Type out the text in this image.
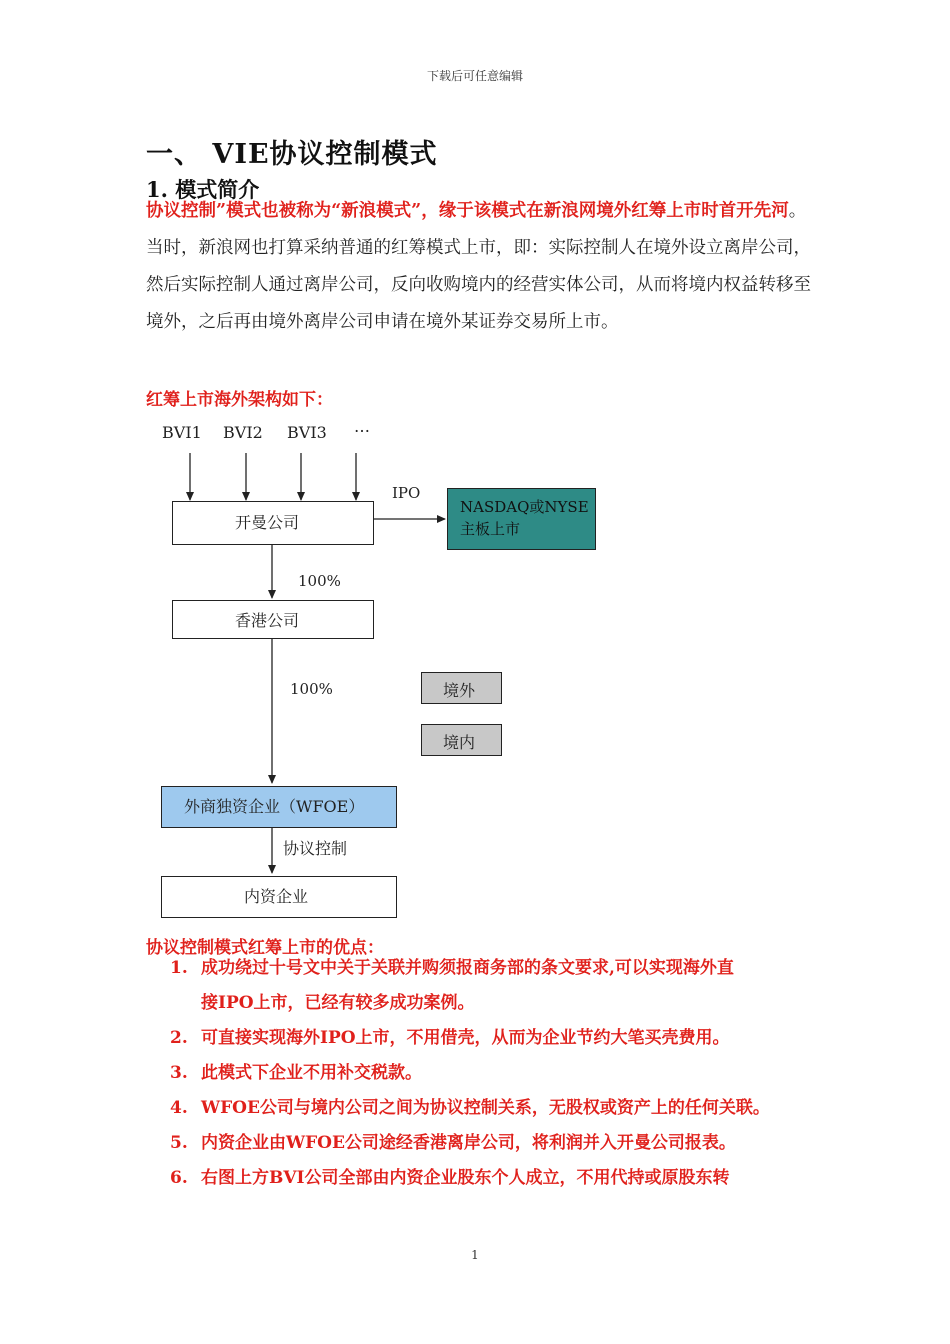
下载后可任意编辑
一、 VIE协议控制模式
1. 模式简介
协议控制”模式也被称为“新浪模式”，缘于该模式在新浪网境外红筹上市时首开先河。当时，新浪网也打算采纳普通的红筹模式上市，即：实际控制人在境外设立离岸公司，然后实际控制人通过离岸公司，反向收购境内的经营实体公司，从而将境内权益转移至境外，之后再由境外离岸公司申请在境外某证券交易所上市。
红筹上市海外架构如下：
BVI1 BVI2 BVI3 …
IPO
开曼公司
NASDAQ或NYSE
主板上市
100%
香港公司
100%	境外
境内
外商独资企业（WFOE）
协议控制
内资企业
协议控制模式红筹上市的优点：
1. 成功绕过十号文中关于关联并购须报商务部的条文要求,可以实现海外直
接IPO上市，已经有较多成功案例。
2. 可直接实现海外IPO上市，不用借壳，从而为企业节约大笔买壳费用。
3. 此模式下企业不用补交税款。
4. WFOE公司与境内公司之间为协议控制关系，无股权或资产上的任何关联。
5. 内资企业由WFOE公司途经香港离岸公司，将利润并入开曼公司报表。
6. 右图上方BVI公司全部由内资企业股东个人成立，不用代持或原股东转
1
